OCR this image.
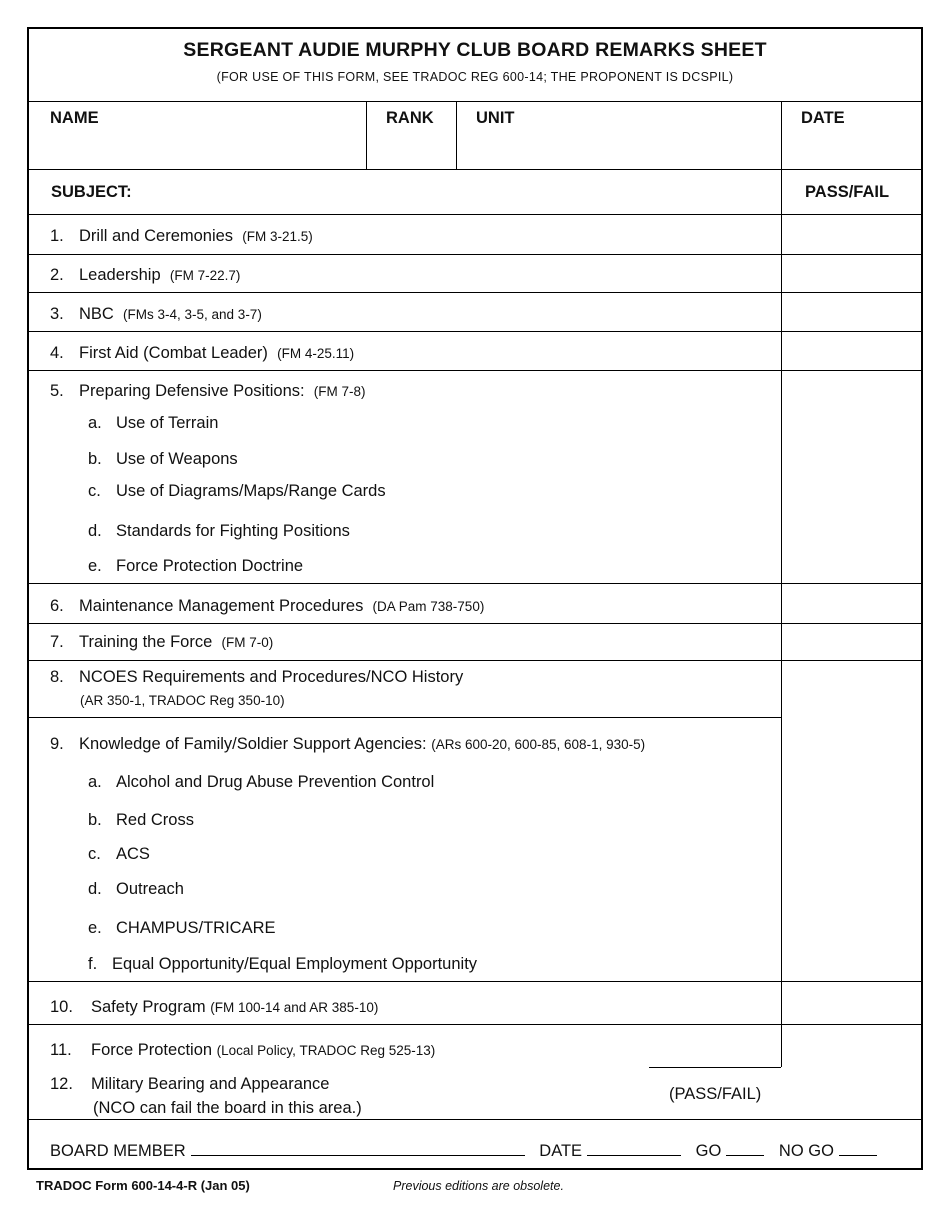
SERGEANT AUDIE MURPHY CLUB BOARD REMARKS SHEET
(FOR USE OF THIS FORM, SEE TRADOC REG 600-14; THE PROPONENT IS DCSPIL)
NAME	RANK	UNIT	DATE
SUBJECT:	PASS/FAIL
1. Drill and Ceremonies (FM 3-21.5)
2. Leadership (FM 7-22.7)
3. NBC (FMs 3-4, 3-5, and 3-7)
4. First Aid (Combat Leader) (FM 4-25.11)
5. Preparing Defensive Positions: (FM 7-8)
a. Use of Terrain
b. Use of Weapons
c. Use of Diagrams/Maps/Range Cards
d. Standards for Fighting Positions
e. Force Protection Doctrine
6. Maintenance Management Procedures (DA Pam 738-750)
7. Training the Force (FM 7-0)
8. NCOES Requirements and Procedures/NCO History
(AR 350-1, TRADOC Reg 350-10)
9. Knowledge of Family/Soldier Support Agencies: (ARs 600-20, 600-85, 608-1, 930-5)
a. Alcohol and Drug Abuse Prevention Control
b. Red Cross
c. ACS
d. Outreach
e. CHAMPUS/TRICARE
f. Equal Opportunity/Equal Employment Opportunity
10. Safety Program (FM 100-14 and AR 385-10)
11. Force Protection (Local Policy, TRADOC Reg 525-13)
12. Military Bearing and Appearance
(NCO can fail the board in this area.)
(PASS/FAIL)
BOARD MEMBER	DATE	GO	NO GO
TRADOC Form 600-14-4-R (Jan 05)	Previous editions are obsolete.
